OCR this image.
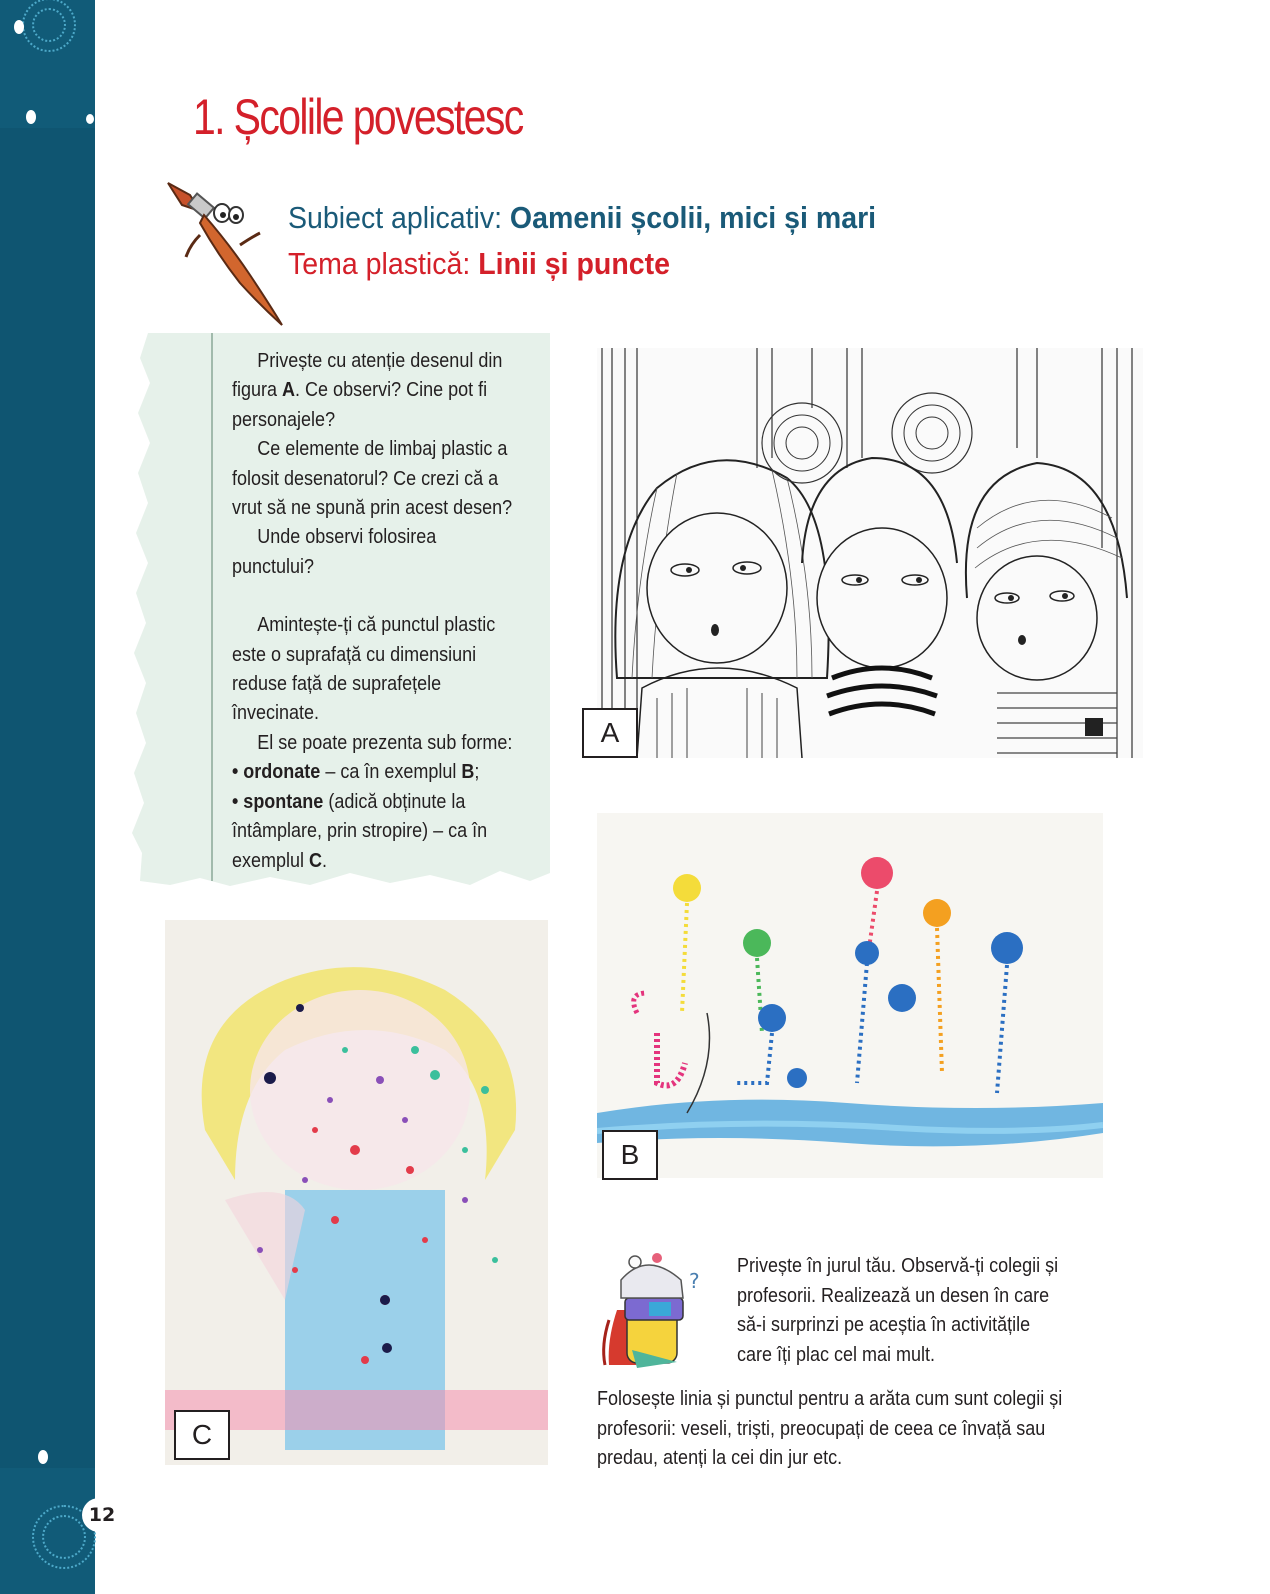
12
1. Școlile povestesc
Subiect aplicativ: Oamenii școlii, mici și mari
Tema plastică: Linii și puncte

Privește cu atenție desenul din figura A. Ce observi? Cine pot fi personajele?

Ce elemente de limbaj plastic a folosit desenatorul? Ce crezi că a vrut să ne spună prin acest desen?

Unde observi folosirea punctului?

Amintește-ți că punctul plastic este o suprafață cu dimensiuni reduse față de suprafețele învecinate.

El se poate prezenta sub forme:

• ordonate – ca în exemplul B;

• spontane (adică obținute la întâmplare, prin stropire) – ca în exemplul C.

A
B
C
?

Privește în jurul tău. Observă-ți colegii și profesorii. Realizează un desen în care să-i surprinzi pe aceștia în activitățile care îți plac cel mai mult.

Folosește linia și punctul pentru a arăta cum sunt colegii și profesorii: veseli, triști, preocupați de ceea ce învață sau predau, atenți la cei din jur etc.
